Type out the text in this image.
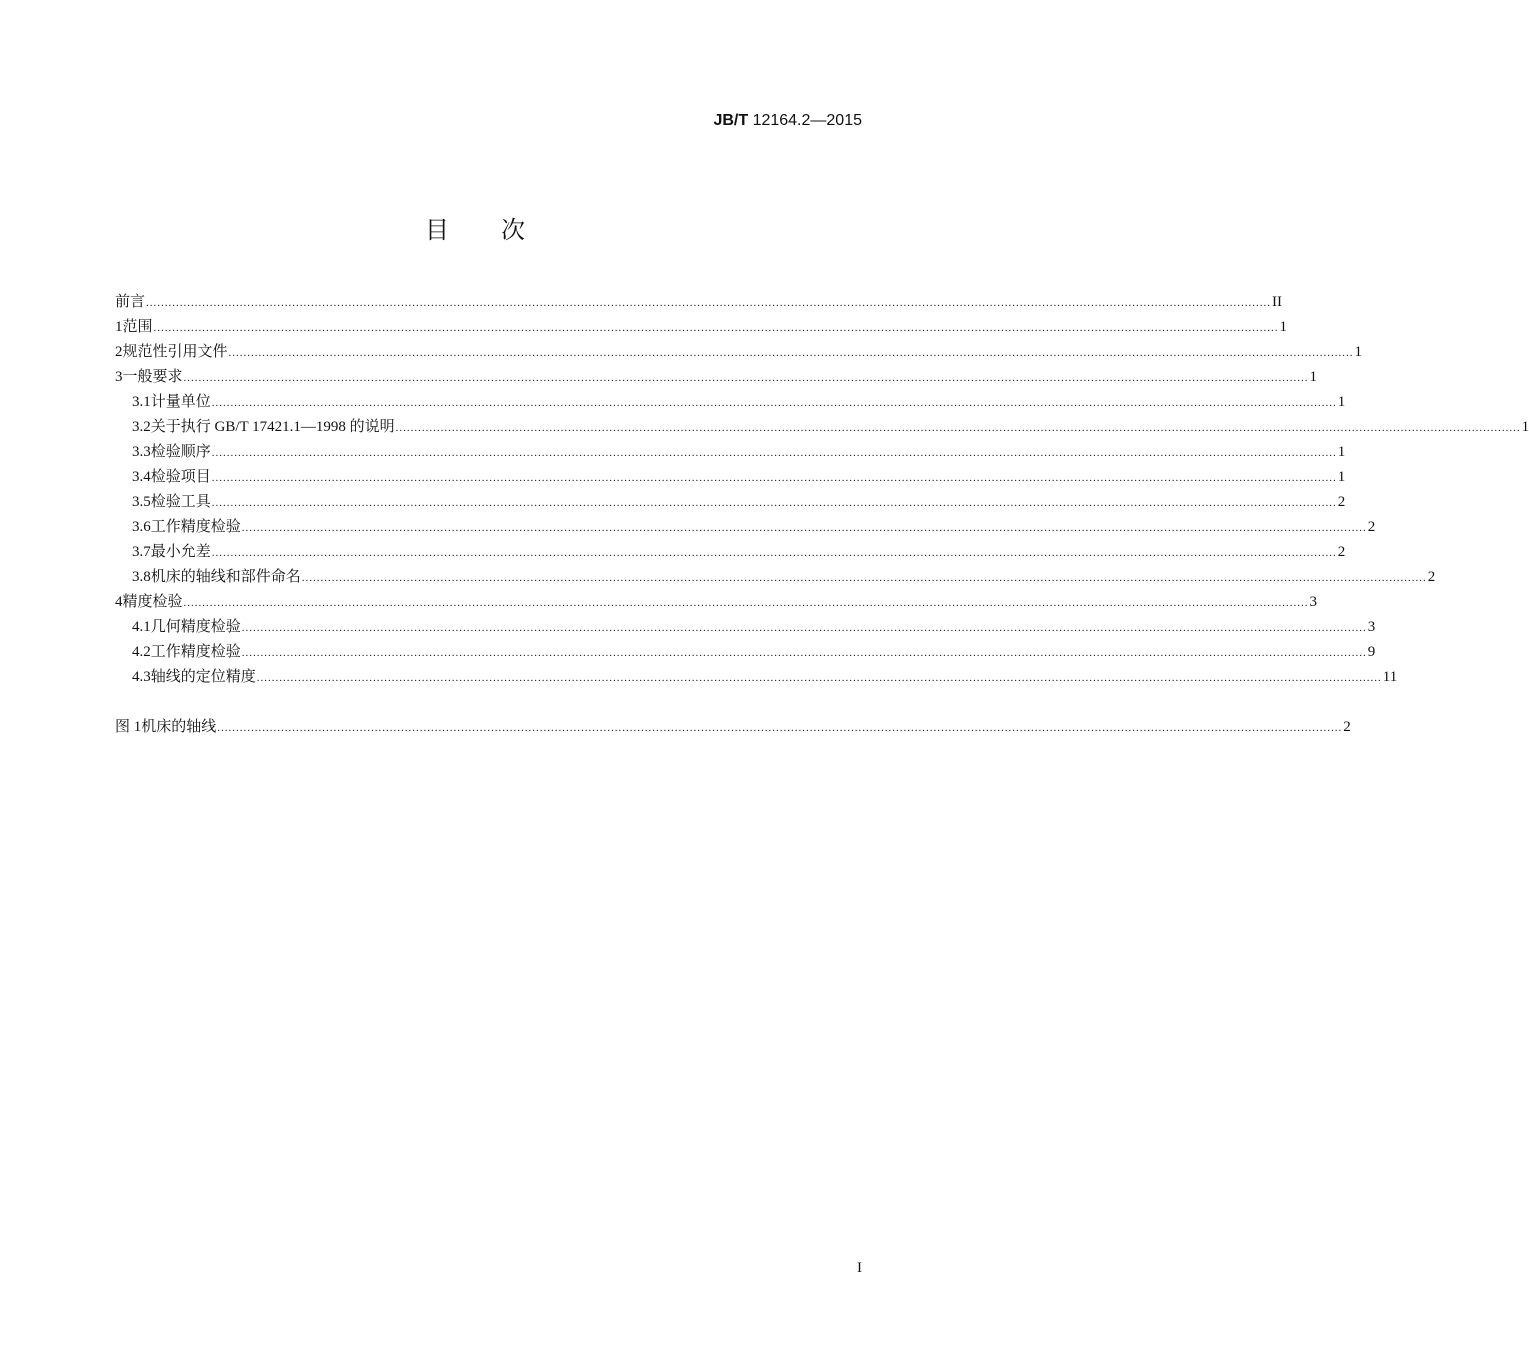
JB/T 12164.2—2015
目 次
前言 ............................................................................................................................................................................................................................................................................................................ II
1 范围 ............................................................................................................................................................................................................................................................................................................ 1
2 规范性引用文件 ............................................................................................................................................................................................................................................................................................................ 1
3 一般要求 ............................................................................................................................................................................................................................................................................................................ 1
3.1 计量单位 ............................................................................................................................................................................................................................................................................................................ 1
3.2 关于执行 GB/T 17421.1—1998 的说明 ............................................................................................................................................................................................................................................................................................................ 1
3.3 检验顺序 ............................................................................................................................................................................................................................................................................................................ 1
3.4 检验项目 ............................................................................................................................................................................................................................................................................................................ 1
3.5 检验工具 ............................................................................................................................................................................................................................................................................................................ 2
3.6 工作精度检验 ............................................................................................................................................................................................................................................................................................................ 2
3.7 最小允差 ............................................................................................................................................................................................................................................................................................................ 2
3.8 机床的轴线和部件命名 ............................................................................................................................................................................................................................................................................................................ 2
4 精度检验 ............................................................................................................................................................................................................................................................................................................ 3
4.1 几何精度检验 ............................................................................................................................................................................................................................................................................................................ 3
4.2 工作精度检验 ............................................................................................................................................................................................................................................................................................................ 9
4.3 轴线的定位精度 ............................................................................................................................................................................................................................................................................................................ 11
图 1 机床的轴线 ............................................................................................................................................................................................................................................................................................................ 2
I
